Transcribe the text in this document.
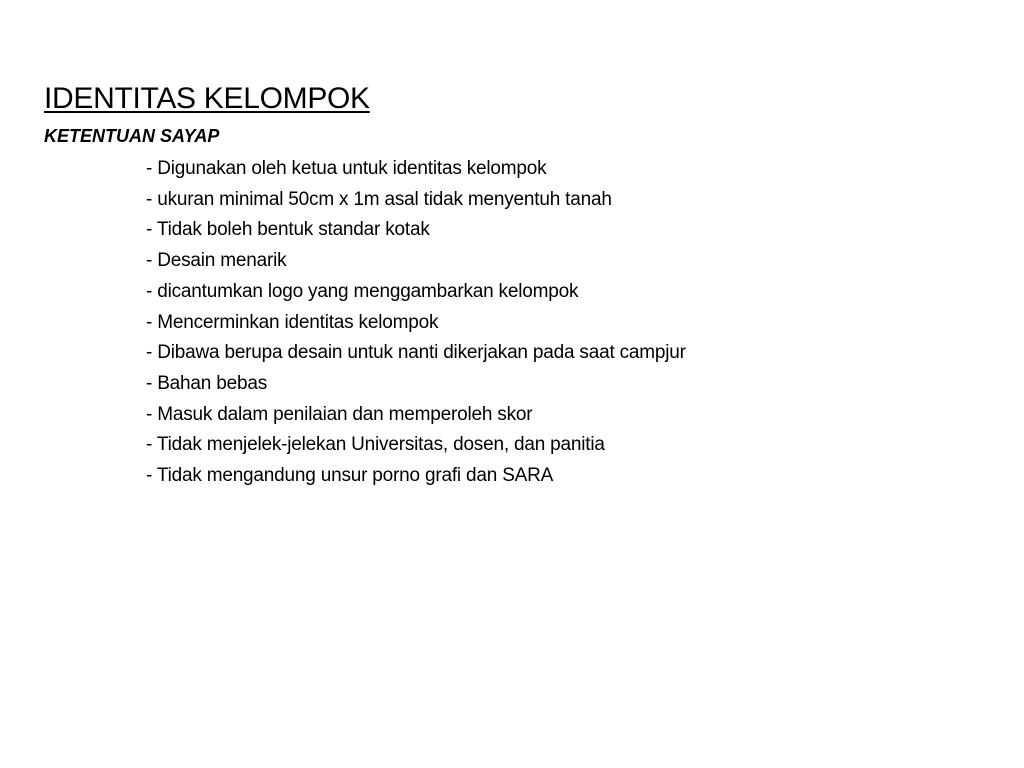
IDENTITAS KELOMPOK
KETENTUAN SAYAP
- Digunakan oleh ketua untuk identitas kelompok
- ukuran minimal 50cm x 1m asal tidak menyentuh tanah
- Tidak boleh bentuk standar kotak
- Desain menarik
- dicantumkan logo yang menggambarkan kelompok
- Mencerminkan identitas kelompok
- Dibawa berupa desain untuk nanti dikerjakan pada saat campjur
- Bahan bebas
- Masuk dalam penilaian dan memperoleh skor
- Tidak menjelek-jelekan Universitas, dosen, dan panitia
- Tidak mengandung unsur porno grafi dan SARA
